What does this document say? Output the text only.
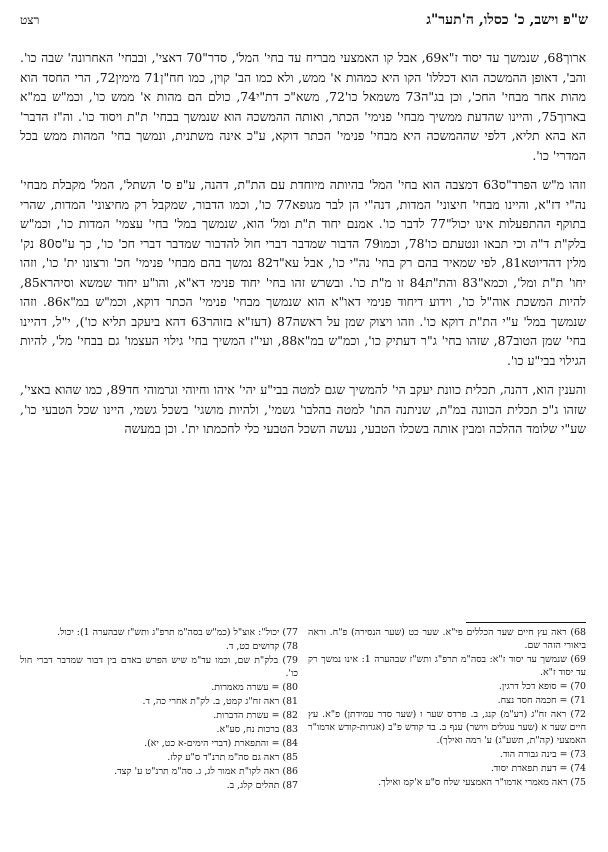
ש"פ וישב, כ' כסלו, ה'תער"ג
רצט

ארוך68, שנמשך עד יסוד ז"א69, אבל קו האמצעי מבריח עד בחי' המל', סדר"70 דאצי', ובבחי' האחרונה' שבה כו'. והב', דאופן ההמשכה הוא דכללו' הקו היא כמהות א' ממש, ולא כמו הב' קוין, כמו חח"ן71 מימין72, הרי החסד הוא מהות אחר מבחי' החכ', וכן בג"ה73 משמאל כו'72, משא"כ דת"י74, כולם הם מהות א' ממש כו', וכמ"ש במ"א בארוך75, והיינו שהדעת ממשיך מבחי' פנימי' הכתר, ואותה ההמשכה הוא שנמשך בבחי' ת"ת ויסוד כו'. וה"ז הדבר' הא בהא תליא, דלפי שההמשכה היא מבחי' פנימי' הכתר דוקא, ע"כ אינה משתנית, ונמשך בחי' המהות ממש בכל המדרי' כו'.

וזהו מ"ש הפרד"ס63 דמצבה הוא בחי' המל' בהיותה מיוחדת עם הת"ת, דהנה, ע"פ ס' השתל', המל' מקבלת מבחי' נה"י דז"א, והיינו מבחי' חיצוני' המדות, דנה"י הן לבר מגופא77 כו', וכמו הדבור, שמקבל רק מחיצוני' המדות, שהרי בתוקף ההתפעלות אינו יכול"77 לדבר כו'. אמנם יחוד ת"ת ומל' הוא, שנמשך במל' בחי' עצמי' המדות כו', וכמ"ש בלק"ת ד"ה וכי תבאו ונטעתם כו'78, וכמו79 הדבור שמדבר דברי חול להדבור שמדבר דברי חכ' כו', כך ע"ס80 נק' מלין דהדיוטא81, לפי שמאיר בהם רק בחי' נה"י כו', אבל עא"ד82 נמשך בהם מבחי' פנימי' חכ' ורצונו ית' כו', וזהו יחו' ת"ת ומל', וכמא"83 והת"ת84 זו מ"ת כו'. ובשרש זהו בחי' יחוד פנימי דא"א, והו"ע יחוד שמשא וסיהרא85, להיות המשכת אוה"ל כו', וידוע דיחוד פנימי דאו"א הוא שנמשך מבחי' פנימי' הכתר דוקא, וכמ"ש במ"א86. וזהו שנמשך במל' ע"י הת"ת דוקא כו'. וזהו ויצוק שמן על ראשה87 (דעז"א בזוהר63 דהא ביעקב תליא כו'), י"ל, דהיינו בחי' שמן הטוב87, שזהו בחי' ג"ר דעתיק כו', וכמ"ש במ"א88, ועי"ז המשיך בחי' גילוי העצמו' גם בבחי' מל', להיות הגילוי בבי"ע כו'.

והענין הוא, דהנה, תכלית כוונת יעקב הי' להמשיך שגם למטה בבי"ע יהי' איהו וחיוהי וגרמוהי חד89, כמו שהוא באצי', שזהו ג"כ תכלית הכוונה במ"ת, שניתנה התו' למטה בהלבו' גשמי', ולהיות מושגי' בשכל גשמי, היינו שכל הטבעי כו', שע"י שלומד ההלכה ומבין אותה בשכלו הטבעי, נעשה השכל הטבעי כלי לחכמתו ית'. וכן במעשה

68) ראה עץ חיים שער הכללים פי"א. שער כט (שער הנסירה) פ"ח. וראה ביאורי הזהר שם.
69) שנמשך עד יסוד ז"א: בסה"מ תרפ"ג ותש"ז שבהערה 1: אינו נמשך רק עד יסוד ז"א.
70) = סופא דכל דרגין.
71) = חכמה חסד נצח.
72) ראה זח"ג (רע"מ) קנג, ב. פרדס שער ו (שער סדר עמידתן) פ"א. עץ חיים שער א (שער עגולים ויושר) ענף ב. בד קודש פ"ב (אגרות-קודש אדמו"ר האמצעי (קה"ת, תשע"ג) ע' רמה ואילך).
73) = בינה גבורה הוד.
74) = דעת תפארת יסוד.
75) ראה מאמרי אדמו"ר האמצעי שלח ס"ע א'קמ ואילך.
77) יכול": אוצ"ל (כמ"ש בסה"מ תרפ"ג ותש"ז שבהערה 1): יכול.
78) קדושים כט, ד.
79) בלק"ת שם, וכמו עד"מ שיש הפרש באדם בין דבור שמדבר דברי חול כו'.
80) = עשרה מאמרות.
81) ראה זח"ג קמט, ב. לק"ת אחרי כה, ד.
82) = עשרת הדברות.
83) ברכות נח, סע"א.
84) = והתפארת (דברי הימים-א כט, יא).
85) ראה גם סה"מ תרנ"ד ס"ע קלז.
86) ראה לקו"ת אמור לג, ג. סה"מ תרנ"ט ע' קצד.
87) תהלים קלג, ב.
